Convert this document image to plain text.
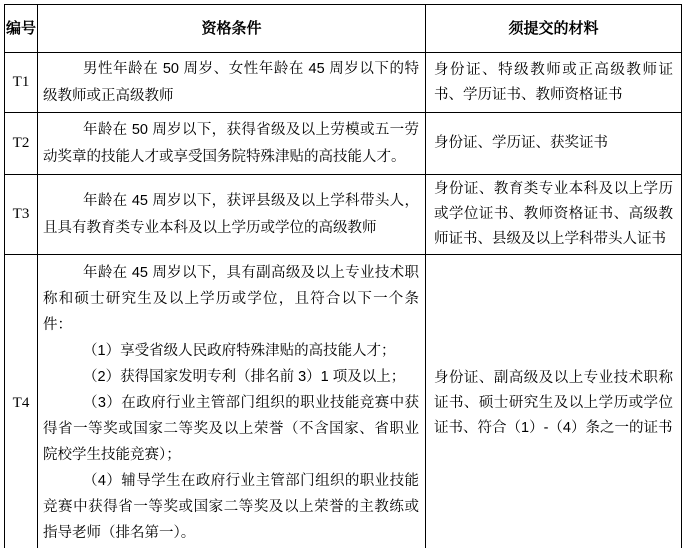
编号	资格条件	须提交的材料
T1	男性年龄在 50 周岁、女性年龄在 45 周岁以下的特级教师或正高级教师	身份证、特级教师或正高级教师证书、学历证书、教师资格证书
T2	年龄在 50 周岁以下，获得省级及以上劳模或五一劳动奖章的技能人才或享受国务院特殊津贴的高技能人才。	身份证、学历证、获奖证书
T3	年龄在 45 周岁以下，获评县级及以上学科带头人，且具有教育类专业本科及以上学历或学位的高级教师	身份证、教育类专业本科及以上学历或学位证书、教师资格证书、高级教师证书、县级及以上学科带头人证书
T4	年龄在 45 周岁以下，具有副高级及以上专业技术职称和硕士研究生及以上学历或学位，且符合以下一个条件：

（1）享受省级人民政府特殊津贴的高技能人才；

（2）获得国家发明专利（排名前 3）1 项及以上；

（3）在政府行业主管部门组织的职业技能竞赛中获得省一等奖或国家二等奖及以上荣誉（不含国家、省职业院校学生技能竞赛）；

（4）辅导学生在政府行业主管部门组织的职业技能竞赛中获得省一等奖或国家二等奖及以上荣誉的主教练或指导老师（排名第一）。	身份证、副高级及以上专业技术职称证书、硕士研究生及以上学历或学位证书、符合（1）-（4）条之一的证书
